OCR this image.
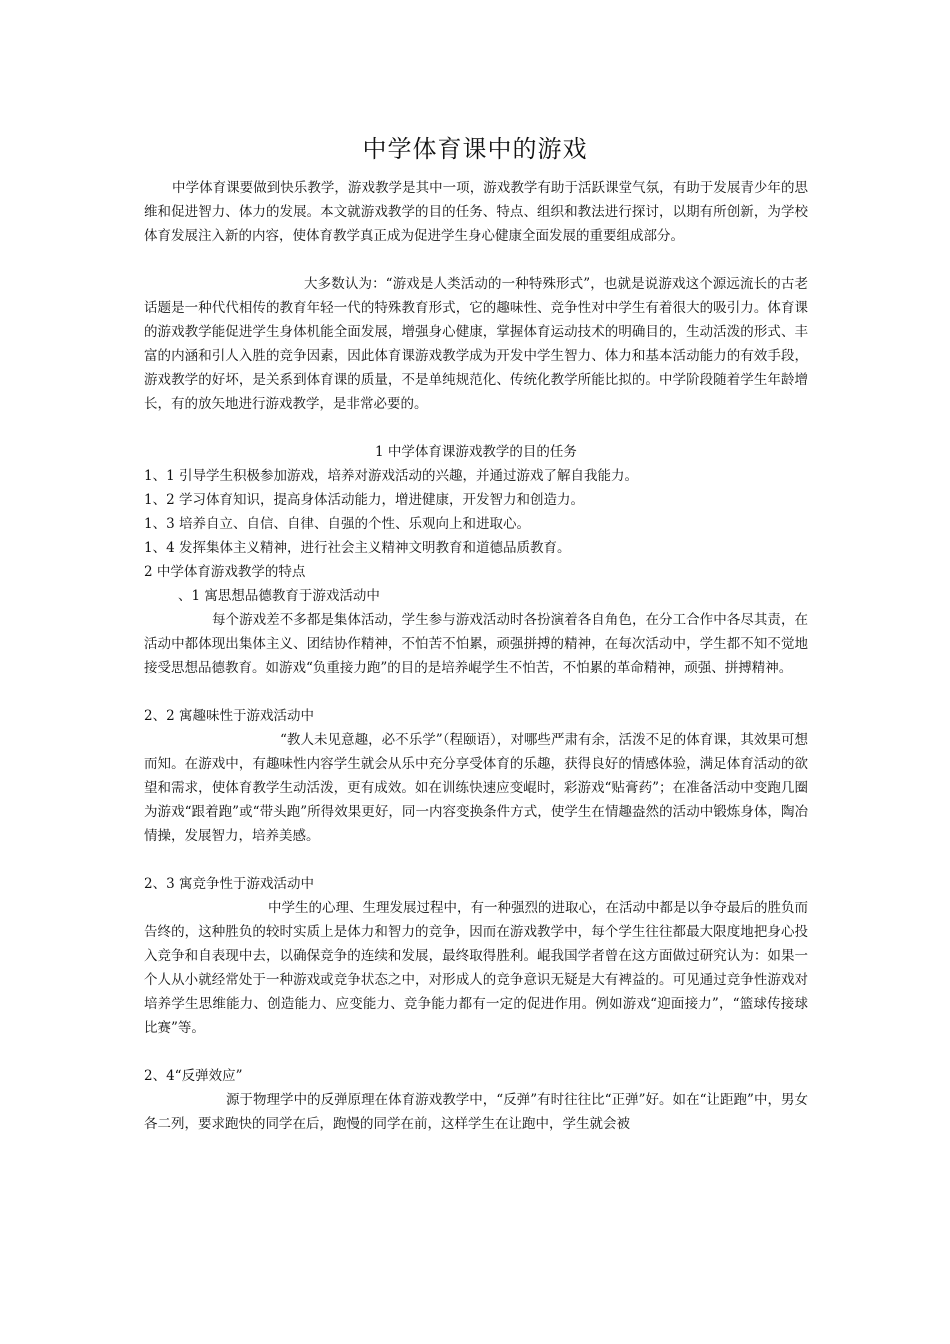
中学体育课中的游戏

中学体育课要做到快乐教学，游戏教学是其中一项，游戏教学有助于活跃课堂气氛，有助于发展青少年的思维和促进智力、体力的发展。本文就游戏教学的目的任务、特点、组织和教法进行探讨，以期有所创新，为学校体育发展注入新的内容，使体育教学真正成为促进学生身心健康全面发展的重要组成部分。

大多数认为：“游戏是人类活动的一种特殊形式”，也就是说游戏这个源远流长的古老话题是一种代代相传的教育年轻一代的特殊教育形式，它的趣味性、竞争性对中学生有着很大的吸引力。体育课的游戏教学能促进学生身体机能全面发展，增强身心健康，掌握体育运动技术的明确目的，生动活泼的形式、丰富的内涵和引人入胜的竞争因素，因此体育课游戏教学成为开发中学生智力、体力和基本活动能力的有效手段，游戏教学的好坏，是关系到体育课的质量，不是单纯规范化、传统化教学所能比拟的。中学阶段随着学生年龄增长，有的放矢地进行游戏教学，是非常必要的。

1 中学体育课游戏教学的目的任务

1、1 引导学生积极参加游戏，培养对游戏活动的兴趣，并通过游戏了解自我能力。

1、2 学习体育知识，提高身体活动能力，增进健康，开发智力和创造力。

1、3 培养自立、自信、自律、自强的个性、乐观向上和进取心。

1、4 发挥集体主义精神，进行社会主义精神文明教育和道德品质教育。

2 中学体育游戏教学的特点

、1 寓思想品德教育于游戏活动中

每个游戏差不多都是集体活动，学生参与游戏活动时各扮演着各自角色，在分工合作中各尽其责，在活动中都体现出集体主义、团结协作精神，不怕苦不怕累，顽强拼搏的精神，在每次活动中，学生都不知不觉地接受思想品德教育。如游戏“负重接力跑”的目的是培养崐学生不怕苦，不怕累的革命精神，顽强、拼搏精神。

2、2 寓趣味性于游戏活动中

“教人未见意趣，必不乐学”（程颐语），对哪些严肃有余，活泼不足的体育课，其效果可想而知。在游戏中，有趣味性内容学生就会从乐中充分享受体育的乐趣，获得良好的情感体验，满足体育活动的欲望和需求，使体育教学生动活泼，更有成效。如在训练快速应变崐时，彩游戏“贴膏药”；在准备活动中变跑几圈为游戏“跟着跑”或“带头跑”所得效果更好，同一内容变换条件方式，使学生在情趣盎然的活动中锻炼身体，陶冶情操，发展智力，培养美感。

2、3 寓竞争性于游戏活动中

中学生的心理、生理发展过程中，有一种强烈的进取心，在活动中都是以争夺最后的胜负而告终的，这种胜负的较时实质上是体力和智力的竞争，因而在游戏教学中，每个学生往往都最大限度地把身心投入竞争和自表现中去，以确保竞争的连续和发展，最终取得胜利。崐我国学者曾在这方面做过研究认为：如果一个人从小就经常处于一种游戏或竞争状态之中，对形成人的竞争意识无疑是大有裨益的。可见通过竞争性游戏对培养学生思维能力、创造能力、应变能力、竞争能力都有一定的促进作用。例如游戏“迎面接力”，“篮球传接球比赛”等。

2、4“反弹效应”

源于物理学中的反弹原理在体育游戏教学中，“反弹”有时往往比“正弹”好。如在“让距跑”中，男女各二列，要求跑快的同学在后，跑慢的同学在前，这样学生在让跑中，学生就会被
